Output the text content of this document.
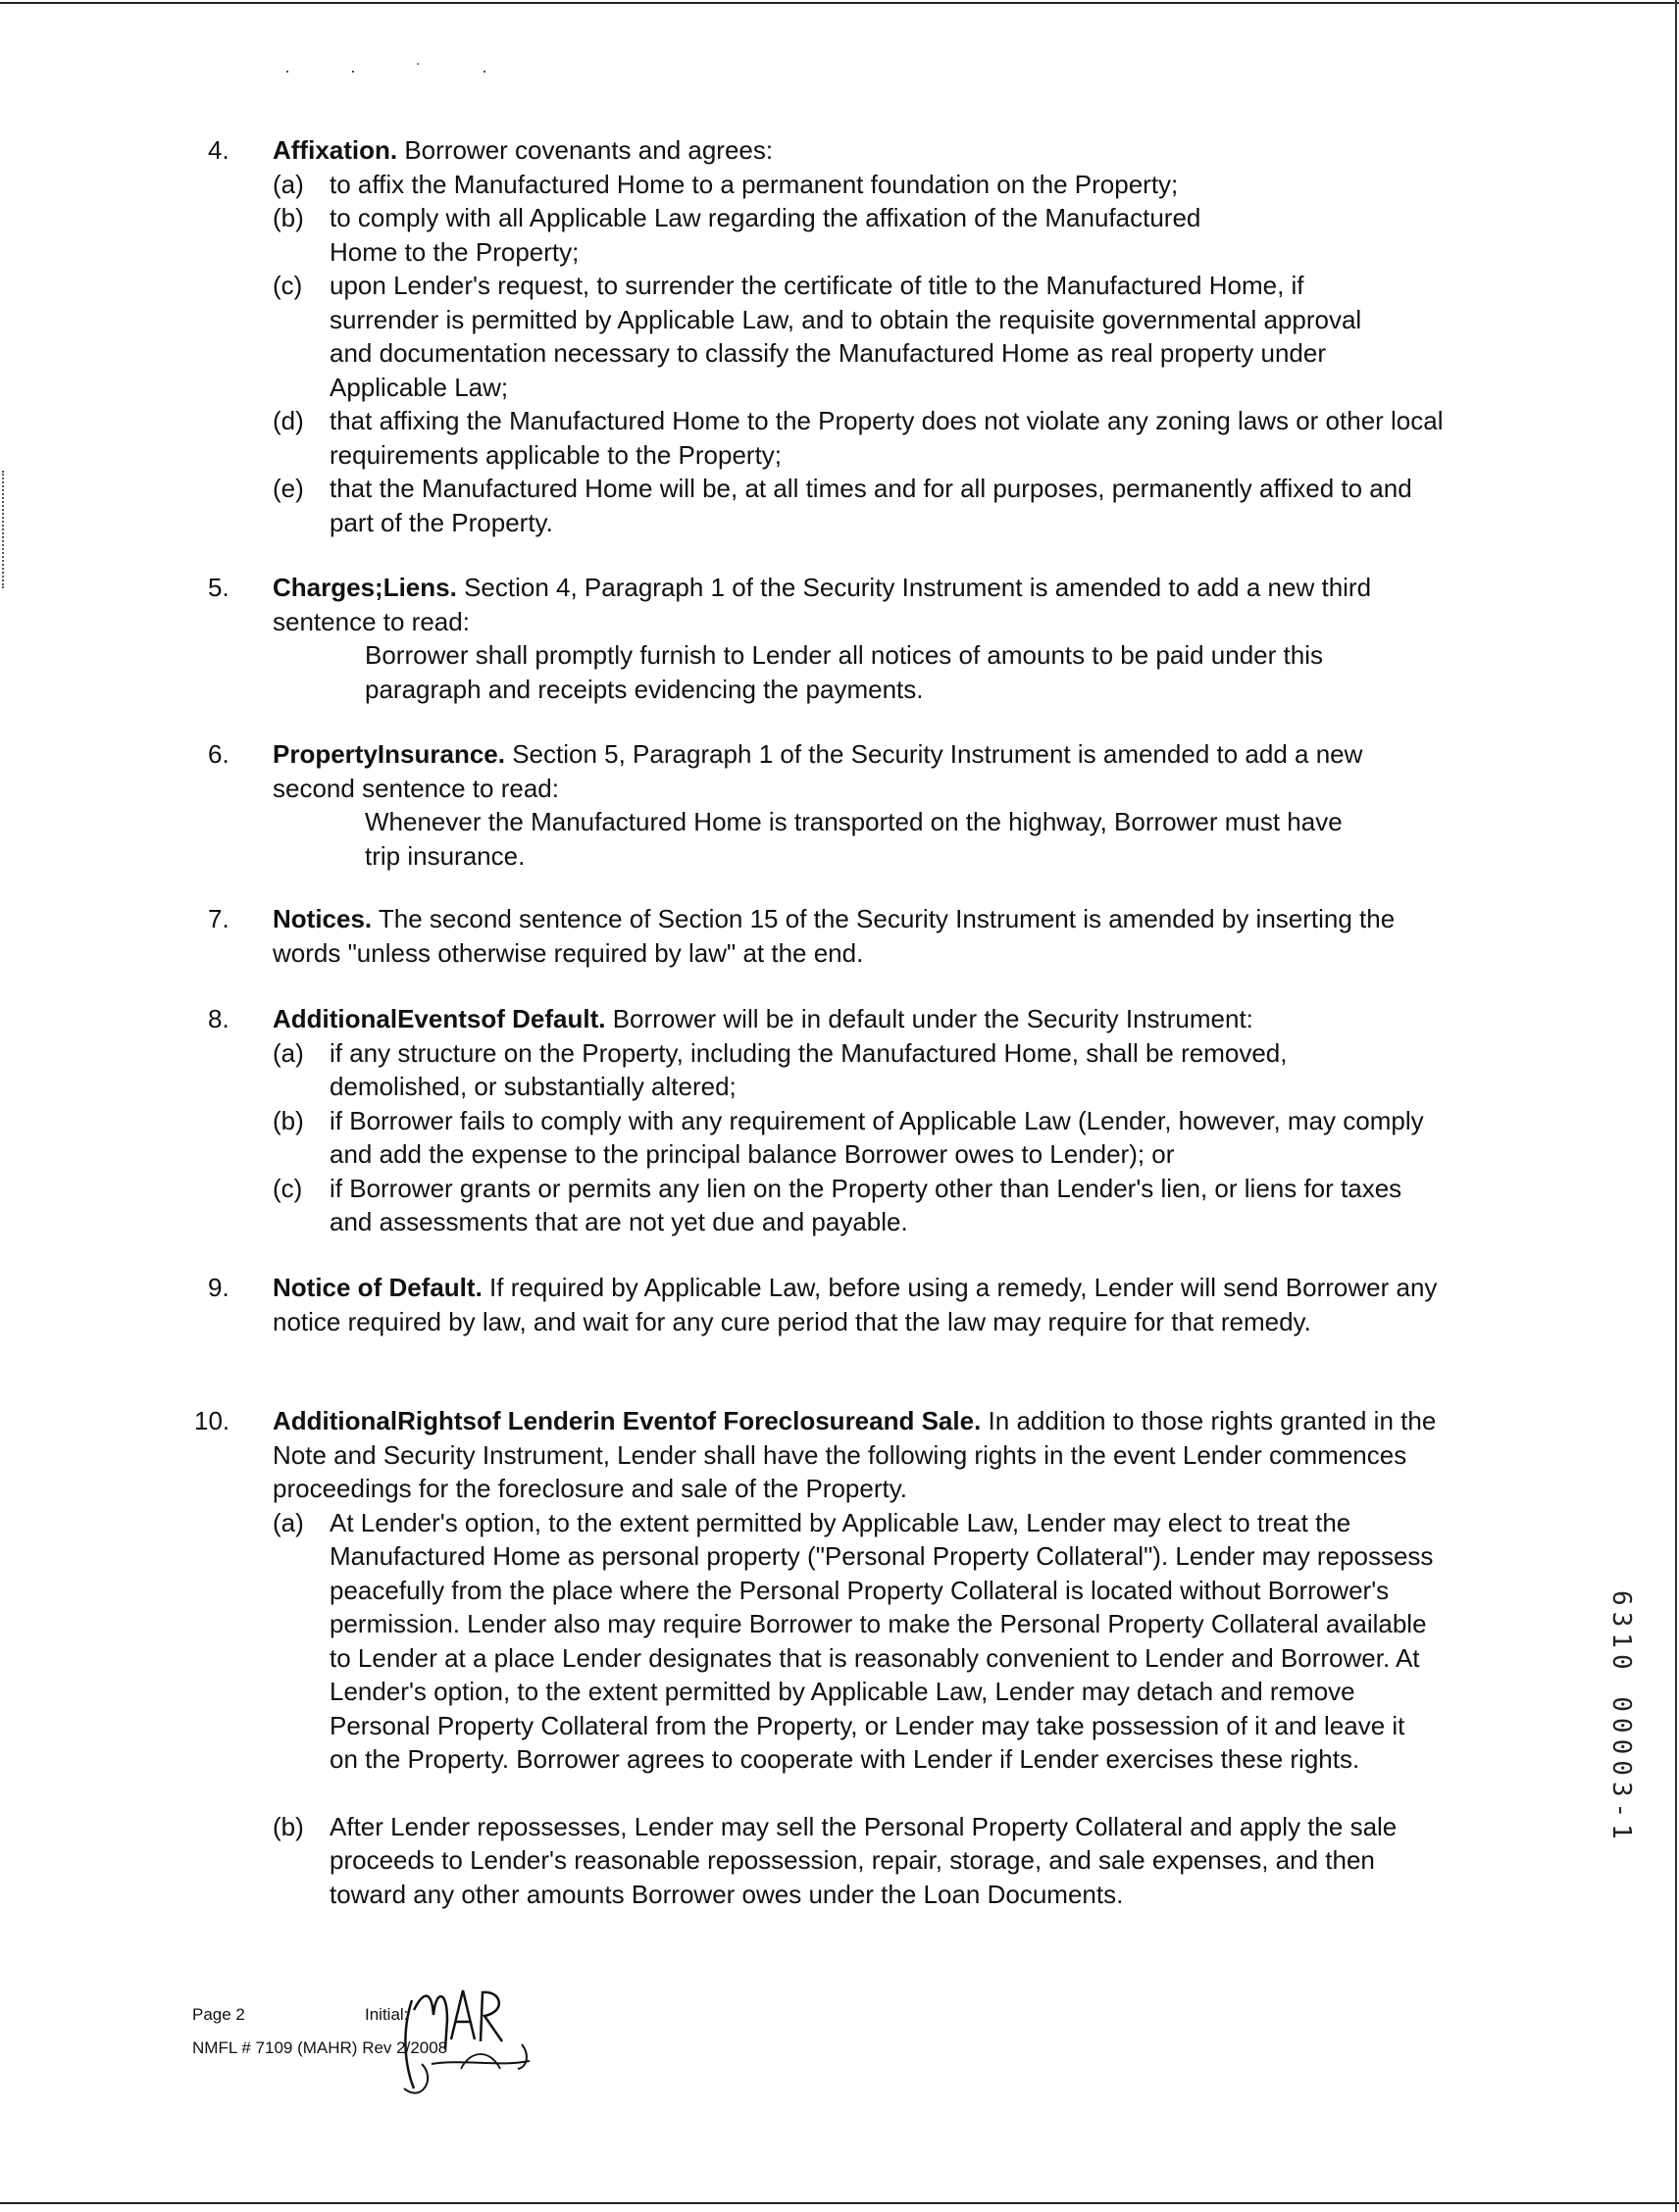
· · ˙ ·
4.	Affixation. Borrower covenants and agrees:
(a) to affix the Manufactured Home to a permanent foundation on the Property;
(b) to comply with all Applicable Law regarding the affixation of the Manufactured Home to the Property;
(c) upon Lender's request, to surrender the certificate of title to the Manufactured Home, if surrender is permitted by Applicable Law, and to obtain the requisite governmental approval and documentation necessary to classify the Manufactured Home as real property under Applicable Law;
(d) that affixing the Manufactured Home to the Property does not violate any zoning laws or other local requirements applicable to the Property;
(e) that the Manufactured Home will be, at all times and for all purposes, permanently affixed to and part of the Property.
5.	Charges;Liens. Section 4, Paragraph 1 of the Security Instrument is amended to add a new third sentence to read:
Borrower shall promptly furnish to Lender all notices of amounts to be paid under this paragraph and receipts evidencing the payments.
6.	PropertyInsurance. Section 5, Paragraph 1 of the Security Instrument is amended to add a new second sentence to read:
Whenever the Manufactured Home is transported on the highway, Borrower must have trip insurance.
7.	Notices. The second sentence of Section 15 of the Security Instrument is amended by inserting the words "unless otherwise required by law" at the end.
8.	AdditionalEventsof Default. Borrower will be in default under the Security Instrument:
(a) if any structure on the Property, including the Manufactured Home, shall be removed, demolished, or substantially altered;
(b) if Borrower fails to comply with any requirement of Applicable Law (Lender, however, may comply and add the expense to the principal balance Borrower owes to Lender); or
(c) if Borrower grants or permits any lien on the Property other than Lender's lien, or liens for taxes and assessments that are not yet due and payable.
9.	Notice of Default. If required by Applicable Law, before using a remedy, Lender will send Borrower any notice required by law, and wait for any cure period that the law may require for that remedy.
10.	AdditionalRightsof Lenderin Eventof Foreclosureand Sale. In addition to those rights granted in the Note and Security Instrument, Lender shall have the following rights in the event Lender commences proceedings for the foreclosure and sale of the Property.
(a) At Lender's option, to the extent permitted by Applicable Law, Lender may elect to treat the Manufactured Home as personal property ("Personal Property Collateral"). Lender may repossess peacefully from the place where the Personal Property Collateral is located without Borrower's permission. Lender also may require Borrower to make the Personal Property Collateral available to Lender at a place Lender designates that is reasonably convenient to Lender and Borrower. At Lender's option, to the extent permitted by Applicable Law, Lender may detach and remove Personal Property Collateral from the Property, or Lender may take possession of it and leave it on the Property. Borrower agrees to cooperate with Lender if Lender exercises these rights.
(b) After Lender repossesses, Lender may sell the Personal Property Collateral and apply the sale proceeds to Lender's reasonable repossession, repair, storage, and sale expenses, and then toward any other amounts Borrower owes under the Loan Documents.
Page 2	Initial:
NMFL # 7109 (MAHR) Rev 2/2008
6310 00003-1
